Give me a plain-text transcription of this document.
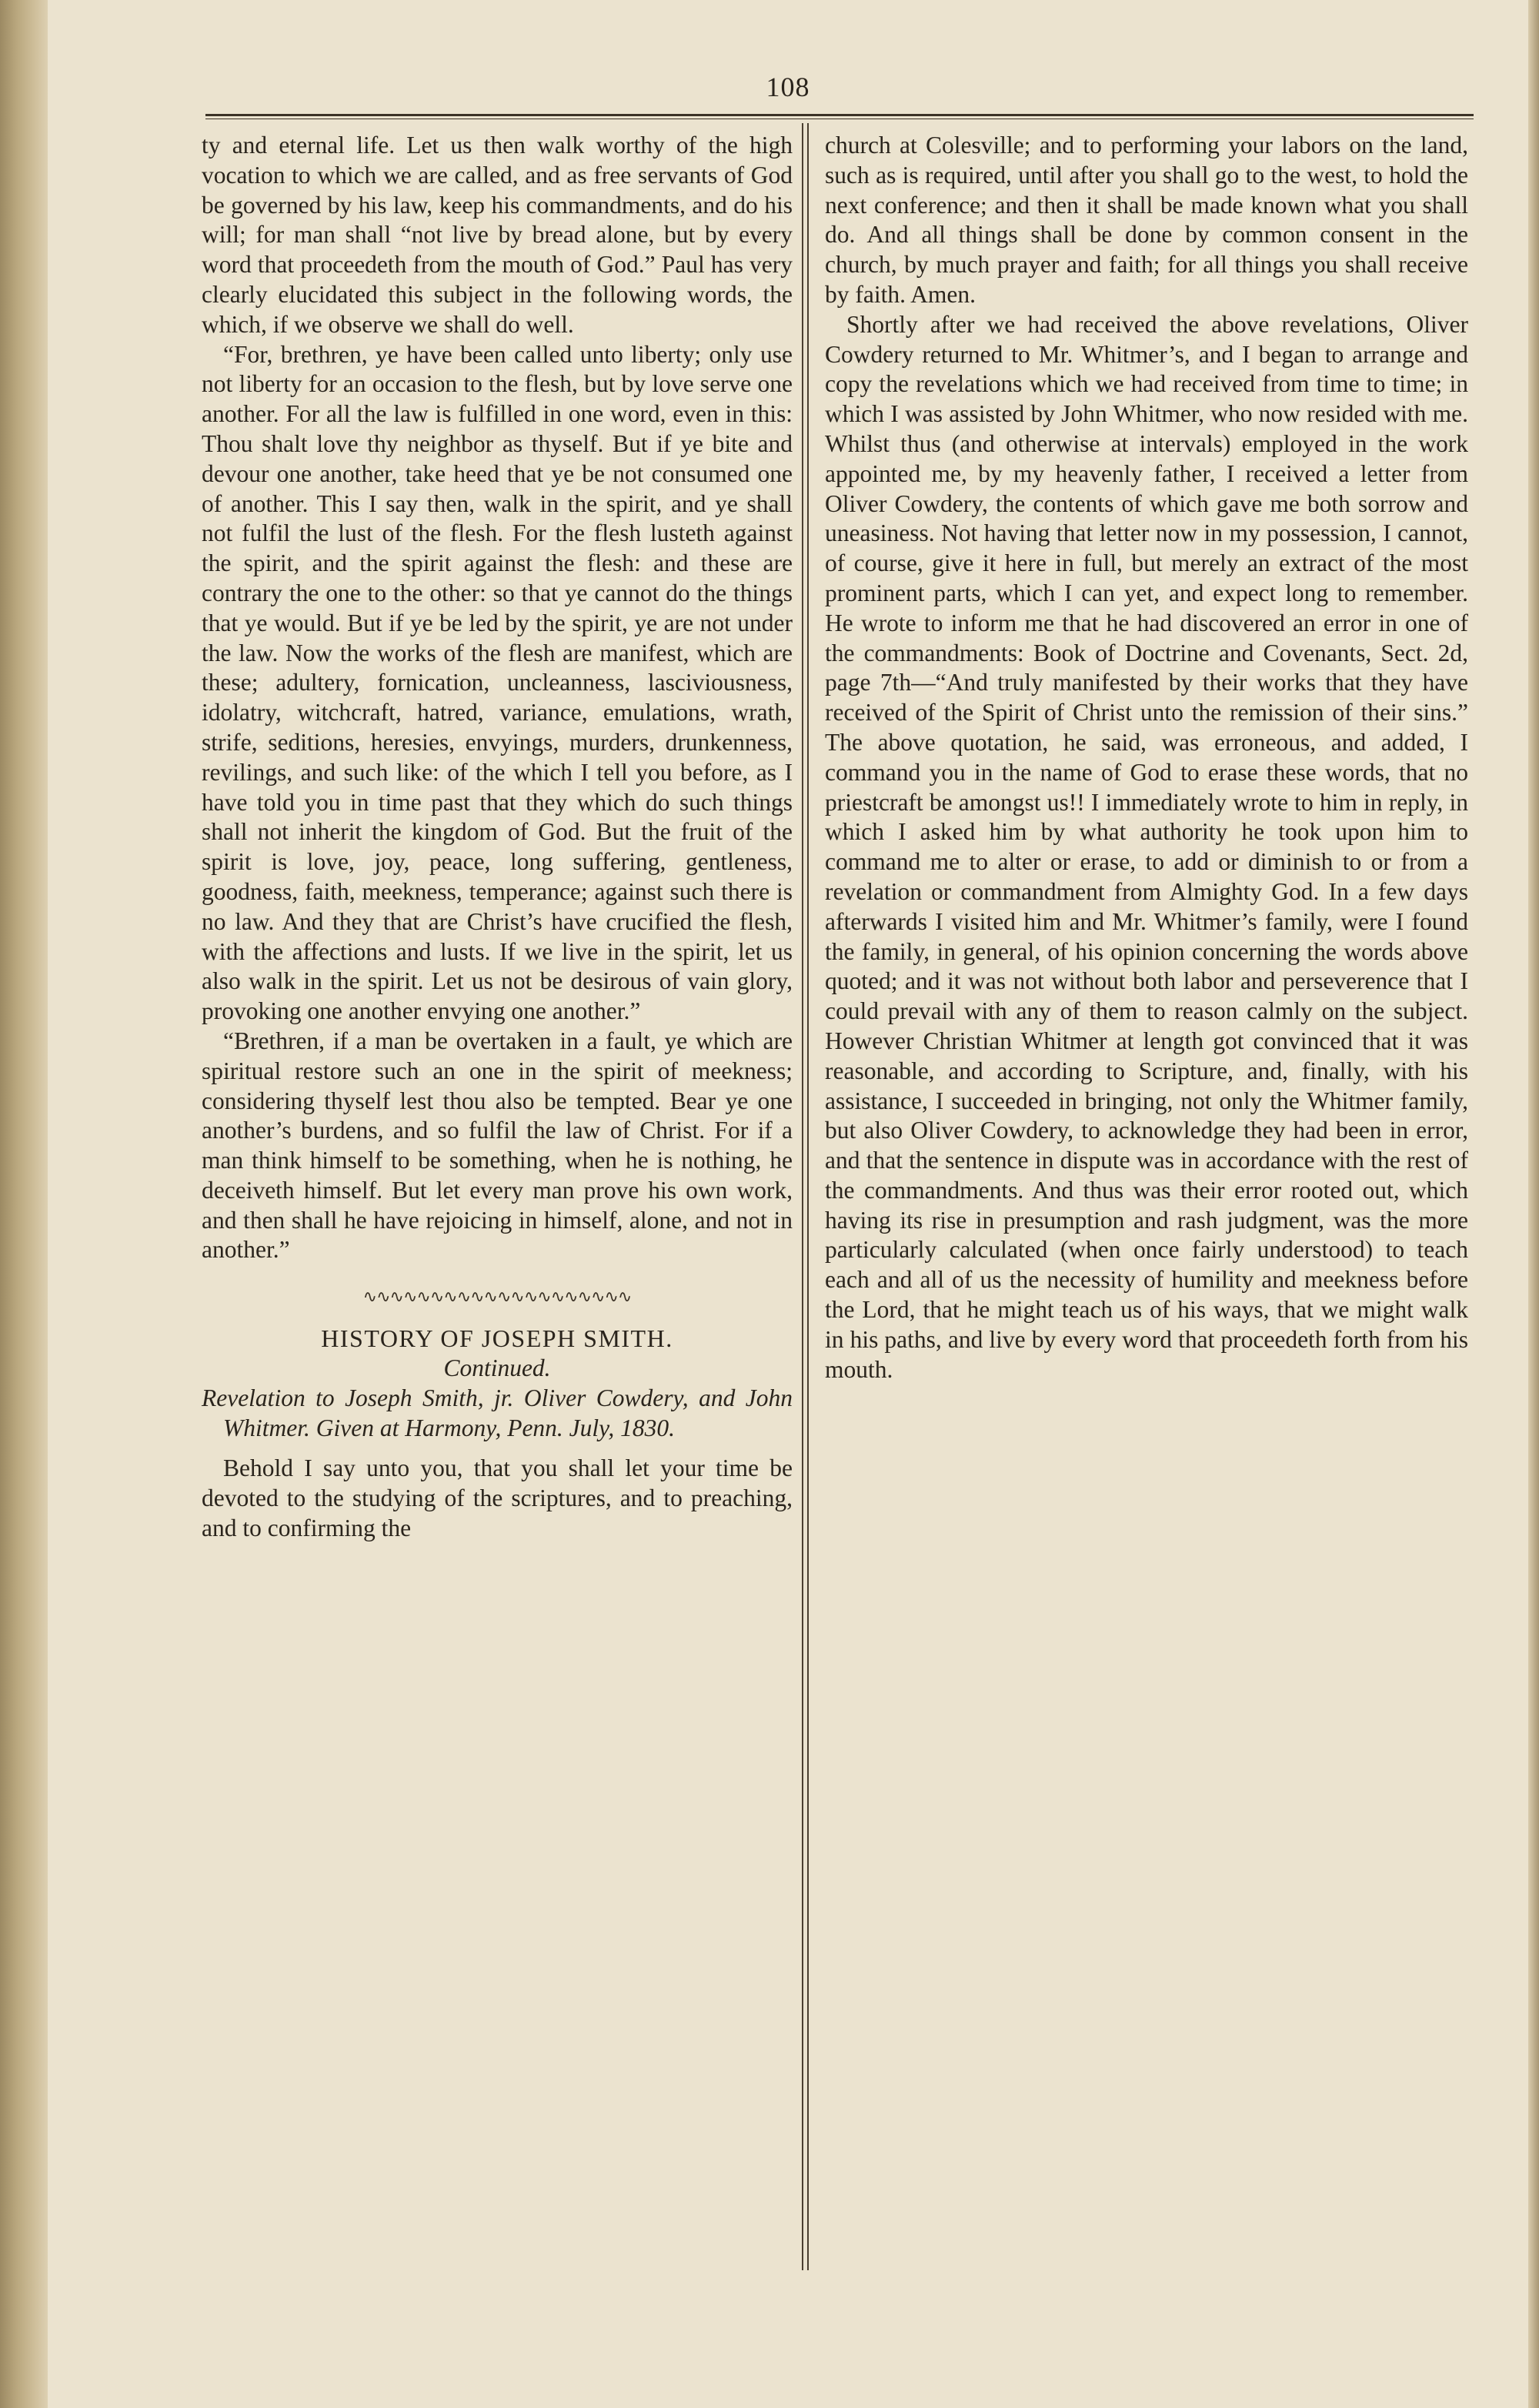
108

ty and eternal life. Let us then walk worthy of the high vocation to which we are called, and as free servants of God be governed by his law, keep his commandments, and do his will; for man shall “not live by bread alone, but by every word that proceedeth from the mouth of God.” Paul has very clearly elucidated this subject in the following words, the which, if we observe we shall do well.

“For, brethren, ye have been called unto liberty; only use not liberty for an occasion to the flesh, but by love serve one another. For all the law is fulfilled in one word, even in this: Thou shalt love thy neighbor as thyself. But if ye bite and devour one another, take heed that ye be not consumed one of another. This I say then, walk in the spirit, and ye shall not fulfil the lust of the flesh. For the flesh lusteth against the spirit, and the spirit against the flesh: and these are contrary the one to the other: so that ye cannot do the things that ye would. But if ye be led by the spirit, ye are not under the law. Now the works of the flesh are manifest, which are these; adultery, fornication, uncleanness, lasciviousness, idolatry, witchcraft, hatred, variance, emulations, wrath, strife, seditions, heresies, envyings, murders, drunkenness, revilings, and such like: of the which I tell you before, as I have told you in time past that they which do such things shall not inherit the kingdom of God. But the fruit of the spirit is love, joy, peace, long suffering, gentleness, goodness, faith, meekness, temperance; against such there is no law. And they that are Christ’s have crucified the flesh, with the affections and lusts. If we live in the spirit, let us also walk in the spirit. Let us not be desirous of vain glory, provoking one another envying one another.”

“Brethren, if a man be overtaken in a fault, ye which are spiritual restore such an one in the spirit of meekness; considering thyself lest thou also be tempted. Bear ye one another’s burdens, and so fulfil the law of Christ. For if a man think himself to be something, when he is nothing, he deceiveth himself. But let every man prove his own work, and then shall he have rejoicing in himself, alone, and not in another.”

∿∿∿∿∿∿∿∿∿∿∿∿∿∿∿∿∿∿∿∿

HISTORY OF JOSEPH SMITH.

Continued.

Revelation to Joseph Smith, jr. Oliver Cowdery, and John Whitmer. Given at Harmony, Penn. July, 1830.

Behold I say unto you, that you shall let your time be devoted to the studying of the scriptures, and to preaching, and to confirming the

church at Colesville; and to performing your labors on the land, such as is required, until after you shall go to the west, to hold the next conference; and then it shall be made known what you shall do. And all things shall be done by common consent in the church, by much prayer and faith; for all things you shall receive by faith. Amen.

Shortly after we had received the above revelations, Oliver Cowdery returned to Mr. Whitmer’s, and I began to arrange and copy the revelations which we had received from time to time; in which I was assisted by John Whitmer, who now resided with me. Whilst thus (and otherwise at intervals) employed in the work appointed me, by my heavenly father, I received a letter from Oliver Cowdery, the contents of which gave me both sorrow and uneasiness. Not having that letter now in my possession, I cannot, of course, give it here in full, but merely an extract of the most prominent parts, which I can yet, and expect long to remember. He wrote to inform me that he had discovered an error in one of the commandments: Book of Doctrine and Covenants, Sect. 2d, page 7th—“And truly manifested by their works that they have received of the Spirit of Christ unto the remission of their sins.” The above quotation, he said, was erroneous, and added, I command you in the name of God to erase these words, that no priestcraft be amongst us!! I immediately wrote to him in reply, in which I asked him by what authority he took upon him to command me to alter or erase, to add or diminish to or from a revelation or commandment from Almighty God. In a few days afterwards I visited him and Mr. Whitmer’s family, were I found the family, in general, of his opinion concerning the words above quoted; and it was not without both labor and perseverence that I could prevail with any of them to reason calmly on the subject. However Christian Whitmer at length got convinced that it was reasonable, and according to Scripture, and, finally, with his assistance, I succeeded in bringing, not only the Whitmer family, but also Oliver Cowdery, to acknowledge they had been in error, and that the sentence in dispute was in accordance with the rest of the commandments. And thus was their error rooted out, which having its rise in presumption and rash judgment, was the more particularly calculated (when once fairly understood) to teach each and all of us the necessity of humility and meekness before the Lord, that he might teach us of his ways, that we might walk in his paths, and live by every word that proceedeth forth from his mouth.
